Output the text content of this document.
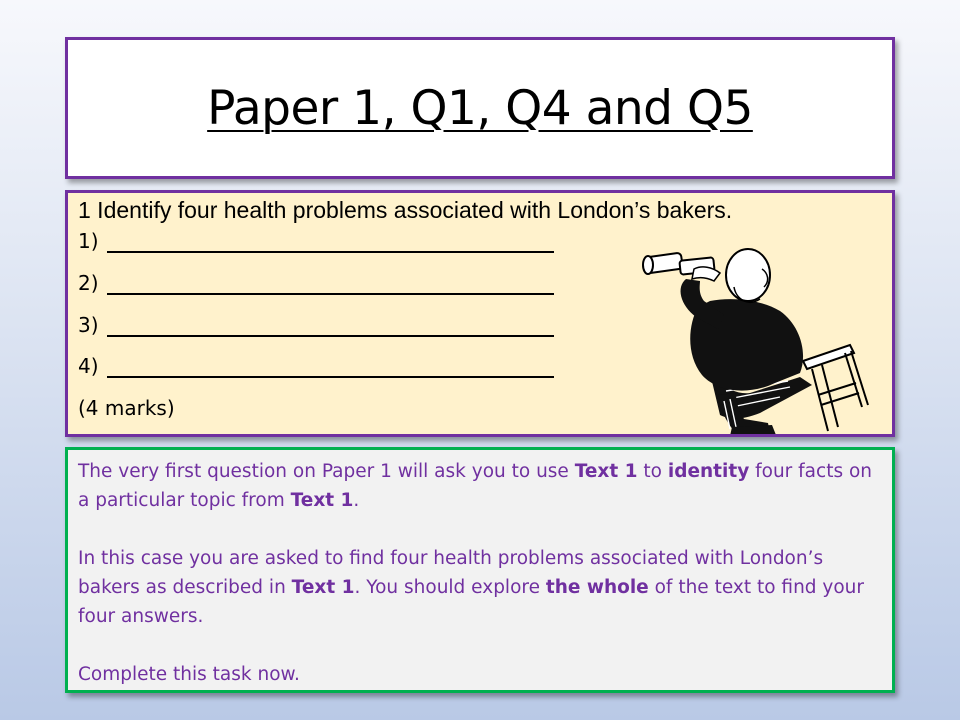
Paper 1, Q1, Q4 and Q5
1 Identify four health problems associated with London’s bakers.
1)
2)
3)
4)
(4 marks)

The very first question on Paper 1 will ask you to use Text 1 to identity four facts on a particular topic from Text 1.

In this case you are asked to find four health problems associated with London’s bakers as described in Text 1. You should explore the whole of the text to find your four answers.

Complete this task now.
